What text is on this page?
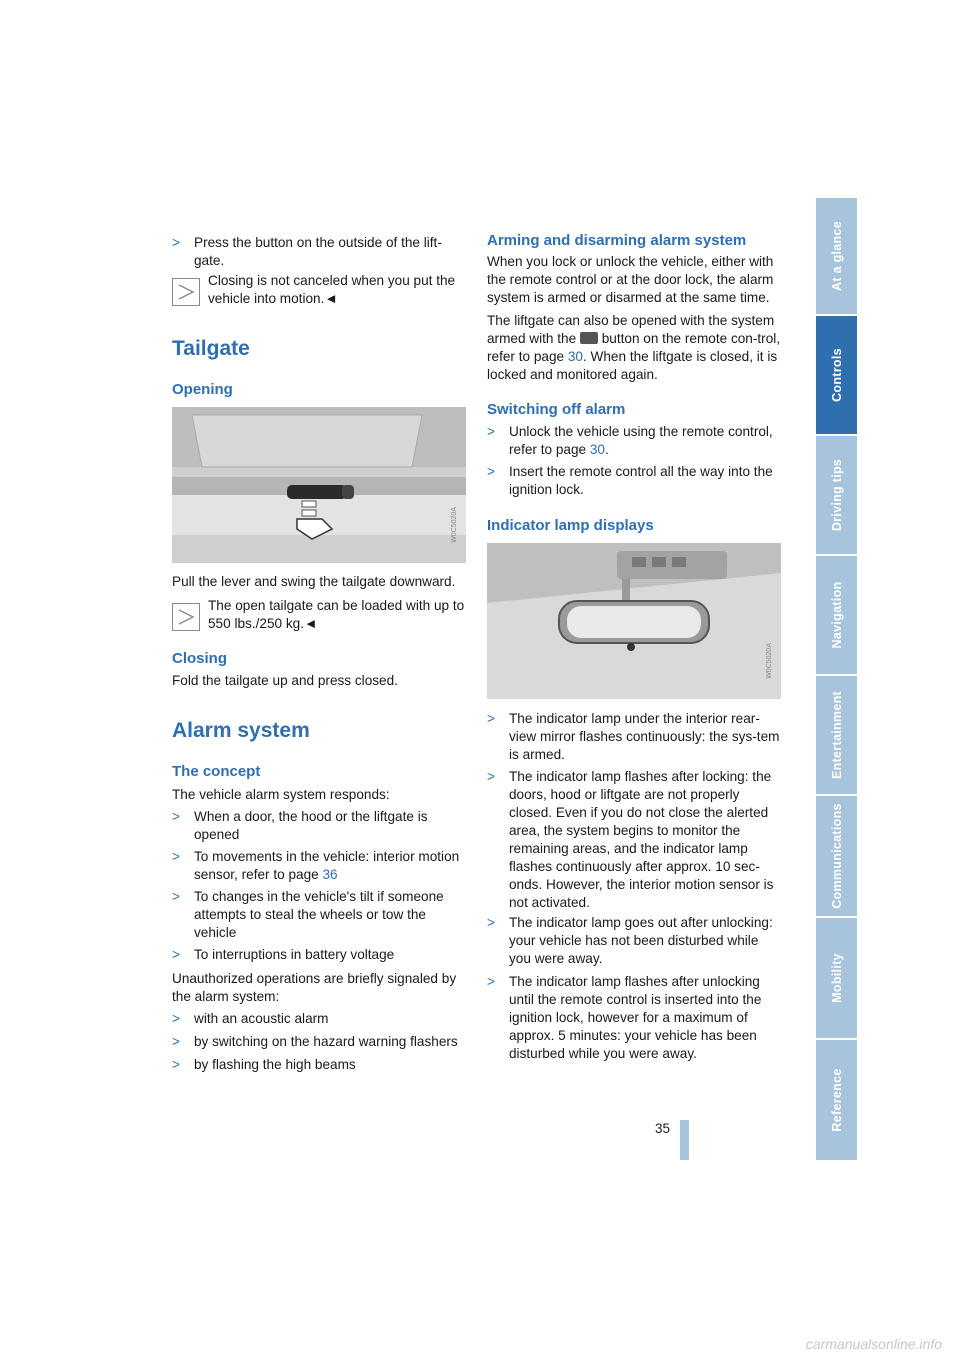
> Press the button on the outside of the lift-gate.
Closing is not canceled when you put the vehicle into motion.◄
Tailgate
Opening
W0C5020A
Pull the lever and swing the tailgate downward.
The open tailgate can be loaded with up to 550 lbs./250 kg.◄
Closing
Fold the tailgate up and press closed.
Alarm system
The concept
The vehicle alarm system responds:
> When a door, the hood or the liftgate is opened
> To movements in the vehicle: interior motion sensor, refer to page 36
> To changes in the vehicle's tilt if someone attempts to steal the wheels or tow the vehicle
> To interruptions in battery voltage
Unauthorized operations are briefly signaled by the alarm system:
> with an acoustic alarm
> by switching on the hazard warning flashers
> by flashing the high beams
Arming and disarming alarm system
When you lock or unlock the vehicle, either with the remote control or at the door lock, the alarm system is armed or disarmed at the same time.
The liftgate can also be opened with the system armed with the  button on the remote con-trol, refer to page 30. When the liftgate is closed, it is locked and monitored again.
Switching off alarm
> Unlock the vehicle using the remote control, refer to page 30.
> Insert the remote control all the way into the ignition lock.
Indicator lamp displays
W0C5020A
> The indicator lamp under the interior rear-view mirror flashes continuously: the sys-tem is armed.
> The indicator lamp flashes after locking: the doors, hood or liftgate are not properly closed. Even if you do not close the alerted area, the system begins to monitor the remaining areas, and the indicator lamp flashes continuously after approx. 10 sec-onds. However, the interior motion sensor is not activated.
> The indicator lamp goes out after unlocking: your vehicle has not been disturbed while you were away.
> The indicator lamp flashes after unlocking until the remote control is inserted into the ignition lock, however for a maximum of approx. 5 minutes: your vehicle has been disturbed while you were away.
At a glance
Controls
Driving tips
Navigation
Entertainment
Communications
Mobility
Reference
35
carmanualsonline.info
